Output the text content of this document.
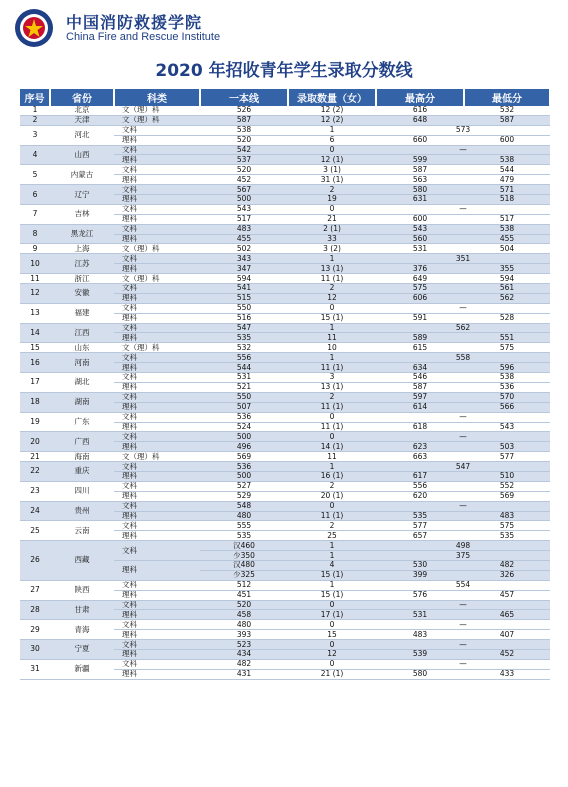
中国消防救援学院
China Fire and Rescue Institute
2020 年招收青年学生录取分数线
序号	省份	科类	一本线	录取数量（女）	最高分	最低分
1	北京	文（理）科	526	12 (2)	616	532
2	天津	文（理）科	587	12 (2)	648	587
3	河北	文科	538	1	573	
		理科	520	6	660	600
4	山西	文科	542	0	—	
		理科	537	12 (1)	599	538
5	内蒙古	文科	520	3 (1)	587	544
		理科	452	31 (1)	563	479
6	辽宁	文科	567	2	580	571
		理科	500	19	631	518
7	吉林	文科	543	0	—	
		理科	517	21	600	517
8	黑龙江	文科	483	2 (1)	543	538
		理科	455	33	560	455
9	上海	文（理）科	502	3 (2)	531	504
10	江苏	文科	343	1	351	
		理科	347	13 (1)	376	355
11	浙江	文（理）科	594	11 (1)	649	594
12	安徽	文科	541	2	575	561
		理科	515	12	606	562
13	福建	文科	550	0	—	
		理科	516	15 (1)	591	528
14	江西	文科	547	1	562	
		理科	535	11	589	551
15	山东	文（理）科	532	10	615	575
16	河南	文科	556	1	558	
		理科	544	11 (1)	634	596
17	湖北	文科	531	3	546	538
		理科	521	13 (1)	587	536
18	湖南	文科	550	2	597	570
		理科	507	11 (1)	614	566
19	广东	文科	536	0	—	
		理科	524	11 (1)	618	543
20	广西	文科	500	0	—	
		理科	496	14 (1)	623	503
21	海南	文（理）科	569	11	663	577
22	重庆	文科	536	1	547	
		理科	500	16 (1)	617	510
23	四川	文科	527	2	556	552
		理科	529	20 (1)	620	569
24	贵州	文科	548	0	—	
		理科	480	11 (1)	535	483
25	云南	文科	555	2	577	575
		理科	535	25	657	535
26	西藏	文科	汉460	1	498	
			少350	1	375	
		理科	汉480	4	530	482
			少325	15 (1)	399	326
27	陕西	文科	512	1	554	
		理科	451	15 (1)	576	457
28	甘肃	文科	520	0	—	
		理科	458	17 (1)	531	465
29	青海	文科	480	0	—	
		理科	393	15	483	407
30	宁夏	文科	523	0	—	
		理科	434	12	539	452
31	新疆	文科	482	0	—	
		理科	431	21 (1)	580	433
